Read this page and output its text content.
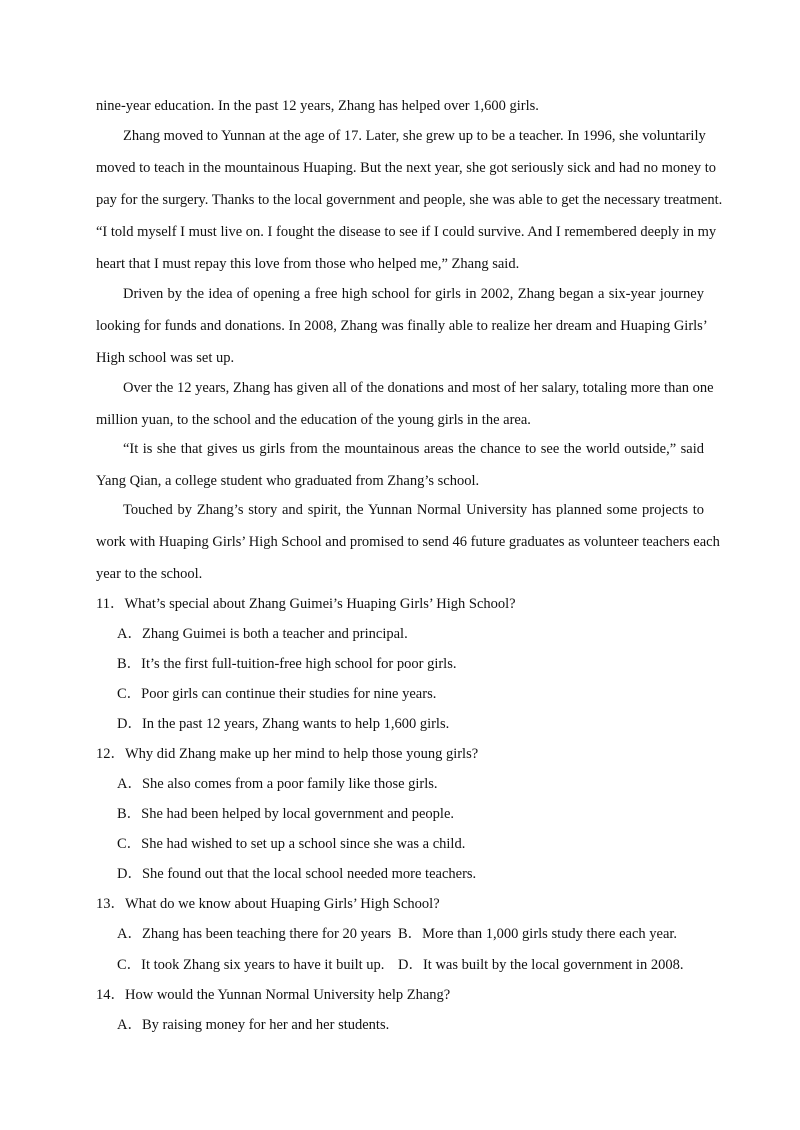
nine-year education. In the past 12 years, Zhang has helped over 1,600 girls.
Zhang moved to Yunnan at the age of 17. Later, she grew up to be a teacher. In 1996, she voluntarily
moved to teach in the mountainous Huaping. But the next year, she got seriously sick and had no money to
pay for the surgery. Thanks to the local government and people, she was able to get the necessary treatment.
“I told myself I must live on. I fought the disease to see if I could survive. And I remembered deeply in my
heart that I must repay this love from those who helped me,” Zhang said.
Driven by the idea of opening a free high school for girls in 2002, Zhang began a six-year journey
looking for funds and donations. In 2008, Zhang was finally able to realize her dream and Huaping Girls’
High school was set up.
Over the 12 years, Zhang has given all of the donations and most of her salary, totaling more than one
million yuan, to the school and the education of the young girls in the area.
“It is she that gives us girls from the mountainous areas the chance to see the world outside,” said
Yang Qian, a college student who graduated from Zhang’s school.
Touched by Zhang’s story and spirit, the Yunnan Normal University has planned some projects to
work with Huaping Girls’ High School and promised to send 46 future graduates as volunteer teachers each
year to the school.
11．What’s special about Zhang Guimei’s Huaping Girls’ High School?
A．Zhang Guimei is both a teacher and principal.
B．It’s the first full-tuition-free high school for poor girls.
C．Poor girls can continue their studies for nine years.
D．In the past 12 years, Zhang wants to help 1,600 girls.
12．Why did Zhang make up her mind to help those young girls?
A．She also comes from a poor family like those girls.
B．She had been helped by local government and people.
C．She had wished to set up a school since she was a child.
D．She found out that the local school needed more teachers.
13．What do we know about Huaping Girls’ High School?
A．Zhang has been teaching there for 20 years B．More than 1,000 girls study there each year.
C．It took Zhang six years to have it built up. D．It was built by the local government in 2008.
14．How would the Yunnan Normal University help Zhang?
A．By raising money for her and her students.
